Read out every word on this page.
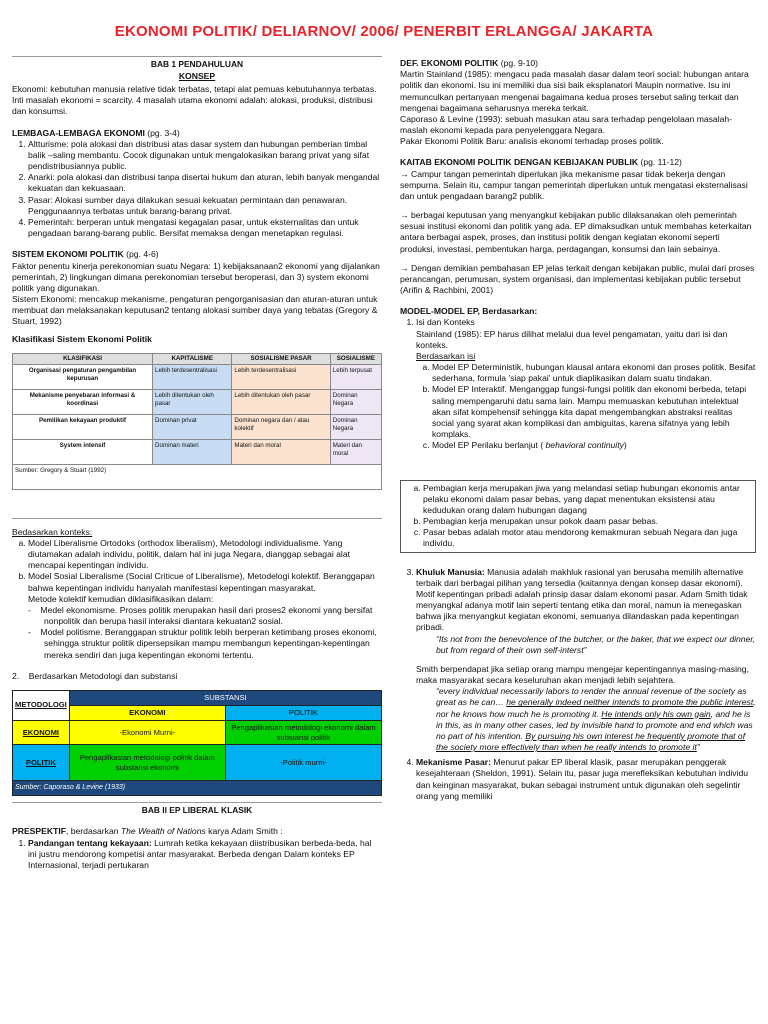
EKONOMI POLITIK/ DELIARNOV/ 2006/ PENERBIT ERLANGGA/ JAKARTA
BAB 1 PENDAHULUAN
KONSEP

Ekonomi: kebutuhan manusia relative tidak terbatas, tetapi alat pemuas kebutuhannya terbatas.

Inti masalah ekonomi = scarcity. 4 masalah utama ekonomi adalah: alokasi, produksi, distribusi dan konsumsi.

LEMBAGA-LEMBAGA EKONOMI (pg. 3-4)
1. Altturisme: pola alokasi dan distribusi atas dasar system dan hubungan pemberian timbal balik –saling membantu. Cocok digunakan untuk mengalokasikan barang privat yang sifat pendistribusiannya public.
2. Anarki: pola alokasi dan distribusi tanpa disertai hukum dan aturan, lebih banyak mengandal kekuatan dan kekuasaan.
3. Pasar: Alokasi sumber daya dilakukan sesuai kekuatan permintaan dan penawaran. Penggunaannya terbatas untuk barang-barang privat.
4. Pemerintah: berperan untuk mengatasi kegagalan pasar, untuk eksternalitas dan untuk pengadaan barang-barang public. Bersifat memaksa dengan menetapkan regulasi.
SISTEM EKONOMI POLITIK (pg. 4-6)

Faktor penentu kinerja perekonomian suatu Negara: 1) kebijaksanaan2 ekonomi yang dijalankan pemerintah, 2) lingkungan dimana perekonomian tersebut beroperasi, dan 3) system ekonomi politik yang digunakan.

Sistem Ekonomi: mencakup mekanisme, pengaturan pengorganisasian dan aturan-aturan untuk membuat dan melaksanakan keputusan2 tentang alokasi sumber daya yang tebatas (Gregory & Stuart, 1992)

Klasifikasi Sistem Ekonomi Politik
KLASIFIKASI	KAPITALISME	SOSIALISME PASAR	SOSIALISME
Organisasi pengaturan pengambilan kepurusan	Lebih terdesentralisasi	Lebih terdesentralisasi	Lebih terpusat
Mekanisme penyebaran informasi & koordinasi	Lebih ditentukan oleh pasar	Lebih ditentukan oleh pasar	Dominan Negara
Pemilikan kekayaan produktif	Dominan privat	Dominan negara dan / atau kolektif	Dominan Negara
System intensif	Dominan materi	Materi dan moral	Materi dan moral
Sumber: Gregory & Stuart (1992)			

Bedasarkan konteks:

a. Model Liberalisme Ortodoks (orthodox liberalism), Metodologi individualisme. Yang diutamakan adalah individu, politik, dalam hal ini juga Negara, dianggap sebagai alat mencapai kepentingan individu.
b. Model Sosial Liberalisme (Social Criticue of Liberalisme), Metodelogi kolektif. Beranggapan bahwa kepentingan individu hanyalah manifestasi kepentingan masyarakat.

Metode kolektif kemudian diklasifikasikan dalam:

-    Medel ekonomisme. Proses politik merupakan hasil dari proses2 ekonomi yang bersifat nonpolitik dan berupa hasil interaksi diantara kekuatan2 sosial.
-    Model politisme. Beranggapan struktur politik lebih berperan ketimbang proses ekonomi, sehingga struktur politik dipersepsikan mampu membangun kepentingan-kepentingan mereka sendiri dan juga kepentingan ekonomi tertentu.

2.    Berdasarkan Metodologi dan substansi

METODOLOGI	SUBSTANSI	
	EKONOMI	POLITIK
EKONOMI	-Ekonomi Murni-	Pengaplikasian metodologi ekonomi dalam substansi politik
POLITIK	Pengaplikasian metodologi politik dalam substansi ekonomi	-Politik murni-
Sumber: Caporaso & Levine (1933)		
BAB II EP LIBERAL KLASIK

PRESPEKTIF, berdasarkan The Wealth of Nations karya Adam Smith :

1. Pandangan tentang kekayaan: Lumrah ketika kekayaan diistribusikan berbeda-beda, hal ini justru mendorong kompetisi antar masyarakat. Berbeda dengan Dalam konteks EP Internasional, terjadi pertukaran
DEF. EKONOMI POLITIK (pg. 9-10)

Martin Stainland (1985): mengacu pada masalah dasar dalam teori social: hubungan antara politik dan ekonomi. Isu ini memiliki dua sisi baik eksplanatori Maupin normative. Isu ini memunculkan pertanyaan mengenai bagaimana kedua proses tersebut saling terkait dan mengenai bagaimana seharusnya mereka terkait.

Caporaso & Levine (1993): sebuah masukan atau sara terhadap pengelolaan masalah-maslah ekonomi kepada para penyelenggara Negara.

Pakar Ekonomi Politik Baru: analisis ekonomi terhadap proses politik.

KAITAB EKONOMI POLITIK DENGAN KEBIJAKAN PUBLIK (pg. 11-12)

→ Campur tangan pemerintah diperlukan jika mekanisme pasar tidak bekerja dengan sempurna. Selain itu, campur tangan pemerintah diperlukan untuk mengatasi eksternalisasi dan untuk pengadaan barang2 publik.

→ berbagai keputusan yang menyangkut kebijakan public dilaksanakan oleh pemerintah sesuai institusi ekonomi dan politik yang ada. EP dimaksudkan untuk membahas keterkaitan antara berbagai aspek, proses, dan institusi politik dengan kegiatan ekonomi seperti produksi, investasi, pembentukan harga, perdagangan, konsumsi dan lain sebainya.

→ Dengan demikian pembahasan EP jelas terkait dengan kebijakan public, mulai dari proses perancangan, perumusan, system organisasi, dan implementasi kebijakan public tersebut (Arifin & Rachbini, 2001)

MODEL-MODEL EP, Berdasarkan:
1. Isi dan Konteks

Stainland (1985): EP harus dilihat melalui dua level pengamatan, yaitu dari isi dan konteks.

Berdasarkan isi

a. Model EP Deterministik, hubungan klausal antara ekonomi dan proses politik. Besifat sederhana, formula 'siap pakai' untuk diaplikasikan dalam suatu tindakan.
b. Model EP Interaktif. Menganggap fungsi-fungsi politik dan ekonomi berbeda, tetapi saling mempengaruhi datu sama lain. Mampu memuaskan kebutuhan intelektual akan sifat kompehensif sehingga kita dapat mengembangkan abstraksi realitas social yang syarat akan komplikasi dan ambiguitas, karena sifatnya yang lebih komplaks.
c. Model EP Perilaku berlanjut ( behavioral continuity)
a. Pembagian kerja merupakan jiwa yang melandasi setiap hubungan ekonomis antar pelaku ekonomi dalam pasar bebas, yang dapat menentukan eksistensi atau kedudukan orang dalam hubungan dagang
b. Pembagian kerja merupakan unsur pokok daam pasar bebas.
c. Pasar bebas adalah motor atau mendorong kemakmuran sebuah Negara dan juga individu.
3. Khuluk Manusia: Manusia adalah makhluk rasional yan berusaha memilih alternative terbaik dari berbagai pilihan yang tersedia (kaitannya dengan konsep dasar ekonomi). Motif kepentingan pribadi adalah prinsip dasar dalam ekonomi pasar. Adam Smith tidak menyangkal adanya motif lain seperti tentang etika dan moral, namun ia menegaskan bahwa jika menyangkut kegiatan ekonomi, semuanya dilandaskan pada kepentingan pribadi.

“Its not from the benevolence of the butcher, or the baker, that we expect our dinner, but from regard of their own self-interst”

Smith berpendapat jika setiap orang mampu mengejar kepentingannya masing-masing, maka masyarakat secara keseluruhan akan menjadi lebih sejahtera.

“every individual necessarily labors to render the annual revenue of the society as great as he can… he generally indeed neither intends to promote the public interest, nor he knows how much he is promoting it. He intends only his own gain, and he is in this, as in many other cases, led by invisible hand to promote and end which was no part of his intention. By pursuing his own interest he frequently promote that of the society more effectively than when he really intends to promote it”

4. Mekanisme Pasar: Menurut pakar EP liberal klasik, pasar merupakan penggerak kesejahteraan (Sheldon, 1991). Selain itu, pasar juga merefleksikan kebutuhan individu dan keinginan masyarakat, bukan sebagai instrument untuk digunakan oleh segelintir orang yang memiliki
